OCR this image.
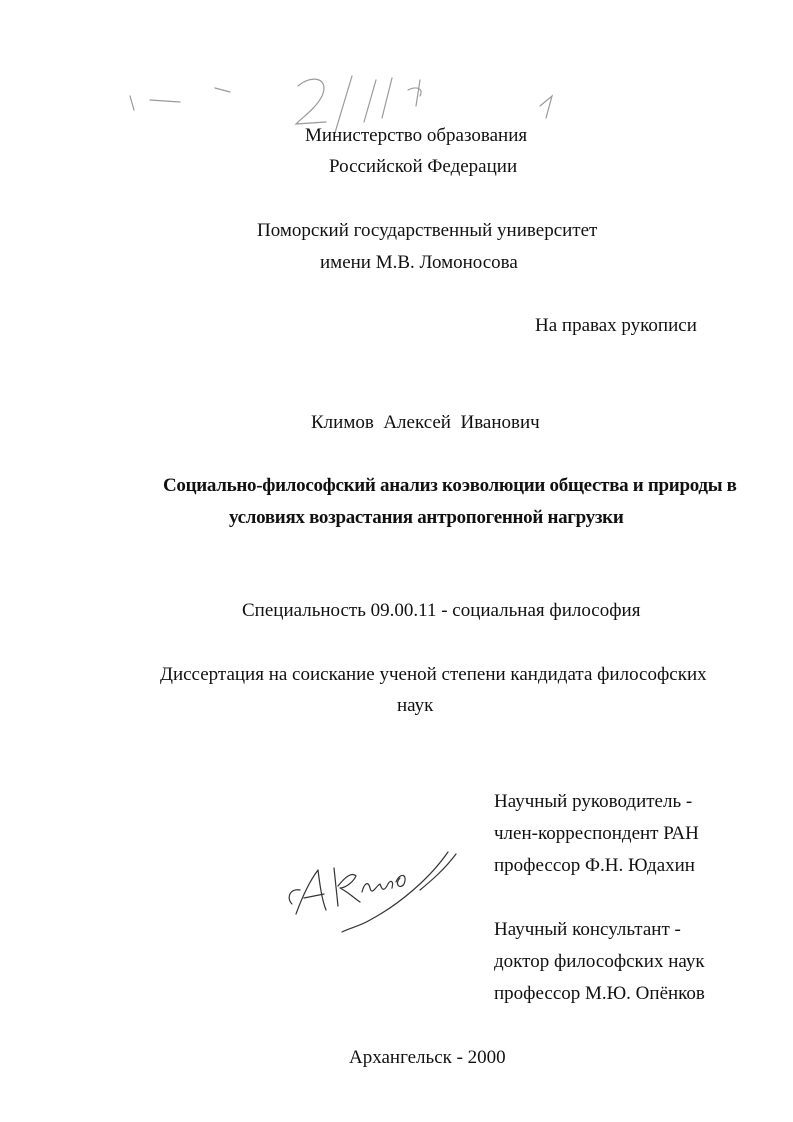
Министерство образования
Российской Федерации
Поморский государственный университет
имени М.В. Ломоносова
На правах рукописи
Климов  Алексей  Иванович
Социально-философский анализ коэволюции общества и природы в
условиях возрастания антропогенной нагрузки
Специальность 09.00.11 - социальная философия
Диссертация на соискание ученой степени кандидата философских
наук
Научный руководитель -
член-корреспондент РАН
профессор Ф.Н. Юдахин
Научный консультант -
доктор философских наук
профессор М.Ю. Опёнков
Архангельск - 2000
